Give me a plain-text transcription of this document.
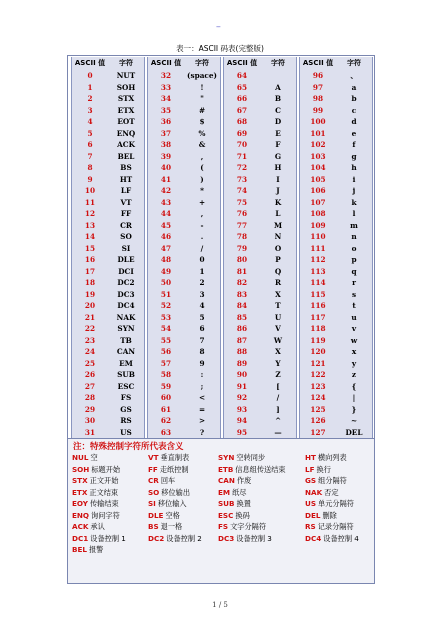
--
表一：ASCII 码表(完整版)
ASCII 值	字符
0	NUT
1	SOH
2	STX
3	ETX
4	EOT
5	ENQ
6	ACK
7	BEL
8	BS
9	HT
10	LF
11	VT
12	FF
13	CR
14	SO
15	SI
16	DLE
17	DCI
18	DC2
19	DC3
20	DC4
21	NAK
22	SYN
23	TB
24	CAN
25	EM
26	SUB
27	ESC
28	FS
29	GS
30	RS
31	US
ASCII 值	字符
32	(space)
33	!
34	"
35	#
36	$
37	%
38	&
39	,
40	(
41	)
42	*
43	+
44	,
45	-
46	.
47	/
48	0
49	1
50	2
51	3
52	4
53	5
54	6
55	7
56	8
57	9
58	:
59	;
60	<
61	=
62	>
63	?
ASCII 值	字符
64
65	A
66	B
67	C
68	D
69	E
70	F
71	G
72	H
73	I
74	J
75	K
76	L
77	M
78	N
79	O
80	P
81	Q
82	R
83	X
84	T
85	U
86	V
87	W
88	X
89	Y
90	Z
91	[
92	/
93	]
94	^
95	—
ASCII 值	字符
96	、
97	a
98	b
99	c
100	d
101	e
102	f
103	g
104	h
105	i
106	j
107	k
108	l
109	m
110	n
111	o
112	p
113	q
114	r
115	s
116	t
117	u
118	v
119	w
120	x
121	y
122	z
123	{
124	|
125	}
126	~
127	DEL
注：特殊控制字符所代表含义
NUL 空
SOH 标题开始
STX 正文开始
ETX 正文结束
EOY 传输结束
ENQ 询问字符
ACK 承认
DC1 设备控制 1
BEL 报警
VT 垂直制表
FF 走纸控制
CR 回车
SO 移位输出
SI 移位输入
DLE 空格
BS 退一格
DC2 设备控制 2
SYN 空转同步
ETB 信息组传送结束
CAN 作废
EM 纸尽
SUB 换置
ESC 换码
FS 文字分隔符
DC3 设备控制 3
HT 横向列表
LF 换行
GS 组分隔符
NAK 否定
US 单元分隔符
DEL 删除
RS 记录分隔符
DC4 设备控制 4
1 / 5
